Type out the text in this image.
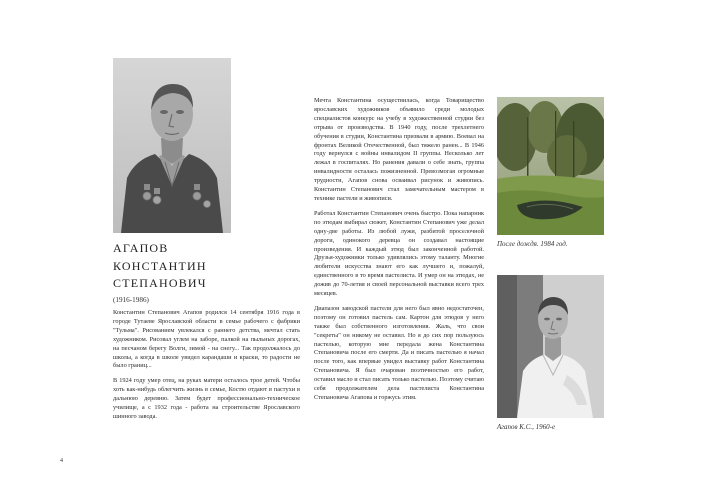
АГАПОВ
КОНСТАНТИН
СТЕПАНОВИЧ
(1916-1986)

Константин Степанович Агапов родился 14 сентября 1916 года в городе Тутаеве Ярославской области в семье рабочего с фабрики "Тульма". Рисованием увлекался с раннего детства, мечтал стать художником. Рисовал углем на заборе, палкой на пыльных дорогах, на песчаном берегу Волги, зимой - на снегу... Так продолжалось до школы, а когда в школе увидел карандаши и краски, то радости не было границ...

В 1924 году умер отец, на руках матери осталось трое детей. Чтобы хоть как-нибудь облегчить жизнь в семье, Костю отдают в пастухи в дальнюю деревню. Затем будет профессионально-техническое училище, а с 1932 года - работа на строительстве Ярославского шинного завода.

Мечта Константина осуществилась, когда Товарищество ярославских художников объявило среди молодых специалистов конкурс на учебу в художественной студии без отрыва от производства. В 1940 году, после трехлетнего обучения в студии, Константина призвали в армию. Воевал на фронтах Великой Отечественной, был тяжело ранен... В 1946 году вернулся с войны инвалидом II группы. Несколько лет лежал в госпиталях. Но ранения давали о себе знать, группа инвалидности осталась пожизненной. Превозмогая огромные трудности, Агапов снова осваивал рисунок и живопись. Константин Степанович стал замечательным мастером в технике пастели и живописи.

Работал Константин Степанович очень быстро. Пока напарник по этюдам выбирал сюжет, Константин Степанович уже делал одну-две работы. Из любой лужи, разбитой проселочной дороги, одинокого деревца он создавал настоящие произведения. И каждый этюд был законченной работой. Друзья-художники только удивлялись этому таланту. Многие любители искусства знают его как лучшего и, пожалуй, единственного в то время пастелиста. И умер он на этюдах, не дожив до 70-летия и своей персональной выставки всего трех месяцев.

Диапазон заводской пастели для него был явно недостаточен, поэтому он готовил пастель сам. Картон для этюдов у него также был собственного изготовления. Жаль, что свои "секреты" он никому не оставил. Но я до сих пор пользуюсь пастелью, которую мне передала жена Константина Степановича после его смерти. Да и писать пастелью я начал после того, как впервые увидел выставку работ Константина Степановича. Я был очарован поэтичностью его работ, оставил масло и стал писать только пастелью. Поэтому считаю себя продолжателем дела пастелиста Константина Степановича Агапова и горжусь этим.

После дождя. 1984 год.
Агапов К.С., 1960-е
4
